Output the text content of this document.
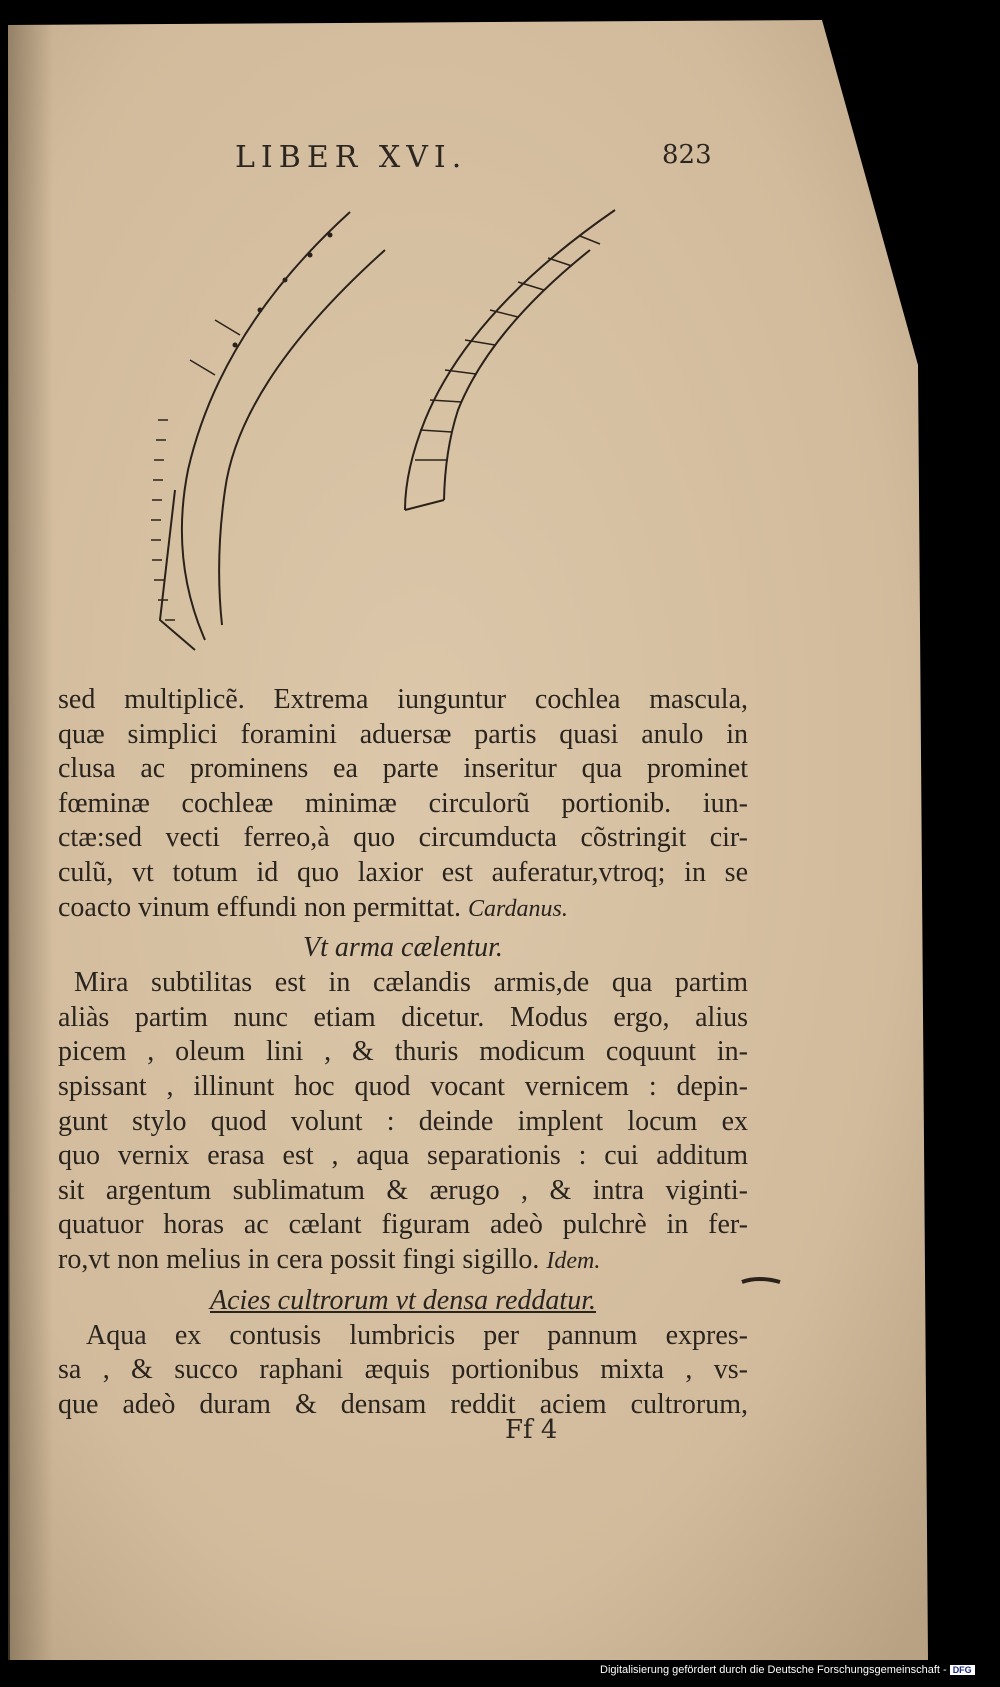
LIBER XVI.	823
sed multiplicẽ. Extrema iunguntur cochlea mascula,
quæ simplici foramini aduersæ partis quasi anulo in
clusa ac prominens ea parte inseritur qua prominet
fœminæ cochleæ minimæ circulorũ portionib. iun-
ctæ:sed vecti ferreo,à quo circumducta cõstringit cir-
culũ, vt totum id quo laxior est auferatur,vtroq; in se
coacto vinum effundi non permittat. Cardanus.

Vt arma cælentur.

Mira subtilitas est in cælandis armis,de qua partim
aliàs partim nunc etiam dicetur. Modus ergo, alius
picem , oleum lini , & thuris modicum coquunt in-
spissant , illinunt hoc quod vocant vernicem : depin-
gunt stylo quod volunt : deinde implent locum ex
quo vernix erasa est , aqua separationis : cui additum
sit argentum sublimatum & ærugo , & intra viginti-
quatuor horas ac cælant figuram adeò pulchrè in fer-
ro,vt non melius in cera possit fingi sigillo. Idem.

Acies cultrorum vt densa reddatur.

Aqua ex contusis lumbricis per pannum expres-
sa , & succo raphani æquis portionibus mixta , vs-
que adeò duram & densam reddit aciem cultrorum,
Ff 4
Digitalisierung gefördert durch die Deutsche Forschungsgemeinschaft - DFG
